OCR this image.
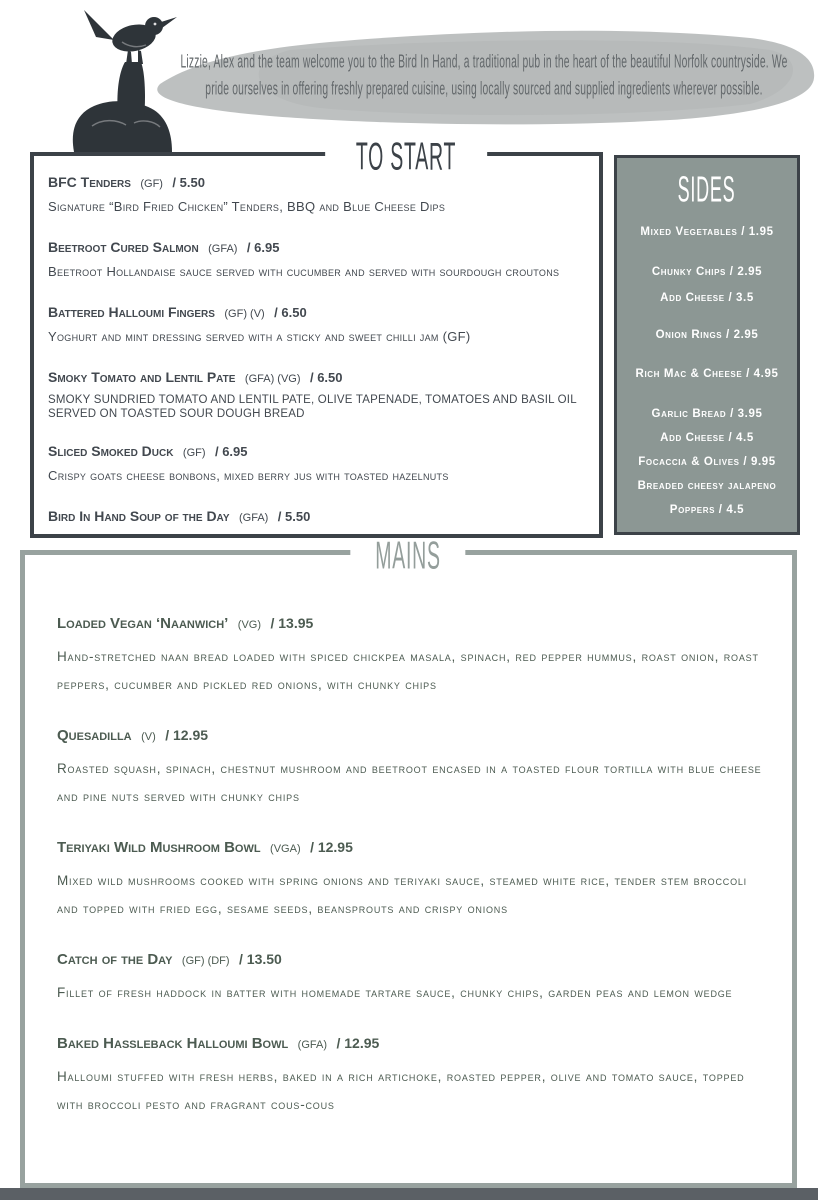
Lizzie, Alex and the team welcome you to the Bird In Hand, a traditional pub in the heart of the beautiful Norfolk countryside. We
pride ourselves in offering freshly prepared cuisine, using locally sourced and supplied ingredients wherever possible.
TO START
BFC Tenders (GF) / 5.50
Signature “Bird Fried Chicken” Tenders, BBQ and Blue Cheese Dips
Beetroot Cured Salmon (GFA) / 6.95
Beetroot Hollandaise sauce served with cucumber and served with sourdough croutons
Battered Halloumi Fingers (GF) (V) / 6.50
Yoghurt and mint dressing served with a sticky and sweet chilli jam (GF)
Smoky Tomato and Lentil Pate (GFA) (VG) / 6.50
SMOKY SUNDRIED TOMATO AND LENTIL PATE, OLIVE TAPENADE, TOMATOES AND BASIL OIL SERVED ON TOASTED SOUR DOUGH BREAD
Sliced Smoked Duck (GF) / 6.95
Crispy goats cheese bonbons, mixed berry jus with toasted hazelnuts
Bird In Hand Soup of the Day (GFA) / 5.50
SIDES
Mixed Vegetables / 1.95
Chunky Chips / 2.95
Add Cheese / 3.5
Onion Rings / 2.95
Rich Mac & Cheese / 4.95
Garlic Bread / 3.95
Add Cheese / 4.5
Focaccia & Olives / 9.95
Breaded cheesy jalapeno Poppers / 4.5
MAINS
Loaded Vegan ‘Naanwich’ (VG) / 13.95
Hand-stretched naan bread loaded with spiced chickpea masala, spinach, red pepper hummus, roast onion, roast peppers, cucumber and pickled red onions, with chunky chips
Quesadilla (V) / 12.95
Roasted squash, spinach, chestnut mushroom and beetroot encased in a toasted flour tortilla with blue cheese and pine nuts served with chunky chips
Teriyaki Wild Mushroom Bowl (VGA) / 12.95
Mixed wild mushrooms cooked with spring onions and teriyaki sauce, steamed white rice, tender stem broccoli and topped with fried egg, sesame seeds, beansprouts and crispy onions
Catch of the Day (GF) (DF) / 13.50
Fillet of fresh haddock in batter with homemade tartare sauce, chunky chips, garden peas and lemon wedge
Baked Hassleback Halloumi Bowl (GFA) / 12.95
Halloumi stuffed with fresh herbs, baked in a rich artichoke, roasted pepper, olive and tomato sauce, topped with broccoli pesto and fragrant cous-cous
